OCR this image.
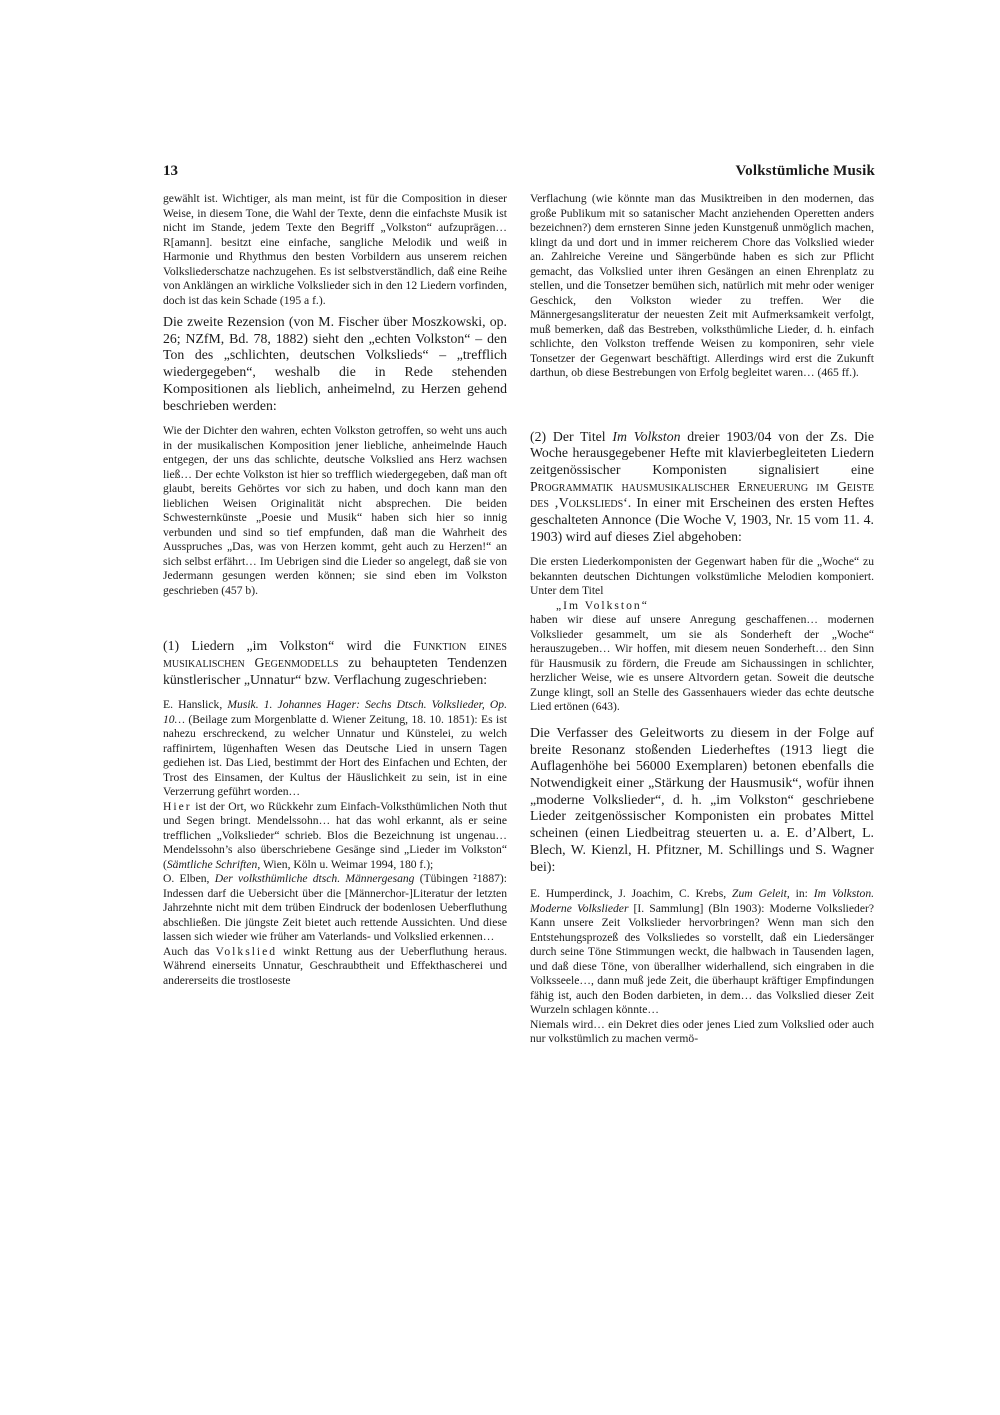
13	Volkstümliche Musik

gewählt ist. Wichtiger, als man meint, ist für die Composition in dieser Weise, in diesem Tone, die Wahl der Texte, denn die einfachste Musik ist nicht im Stande, jedem Texte den Begriff „Volkston“ aufzuprägen… R[amann]. besitzt eine einfache, sangliche Melodik und weiß in Harmonie und Rhythmus den besten Vorbildern aus unserem reichen Volksliederschatze nachzugehen. Es ist selbstverständlich, daß eine Reihe von Anklängen an wirkliche Volkslieder sich in den 12 Liedern vorfinden, doch ist das kein Schade (195 a f.).

Die zweite Rezension (von M. Fischer über Moszkowski, op. 26; NZfM, Bd. 78, 1882) sieht den „echten Volkston“ – den Ton des „schlichten, deutschen Volkslieds“ – „trefflich wiedergegeben“, weshalb die in Rede stehenden Kompositionen als lieblich, anheimelnd, zu Herzen gehend beschrieben werden:

Wie der Dichter den wahren, echten Volkston getroffen, so weht uns auch in der musikalischen Komposition jener liebliche, anheimelnde Hauch entgegen, der uns das schlichte, deutsche Volkslied ans Herz wachsen ließ… Der echte Volkston ist hier so trefflich wiedergegeben, daß man oft glaubt, bereits Gehörtes vor sich zu haben, und doch kann man den lieblichen Weisen Originalität nicht absprechen. Die beiden Schwesternkünste „Poesie und Musik“ haben sich hier so innig verbunden und sind so tief empfunden, daß man die Wahrheit des Ausspruches „Das, was von Herzen kommt, geht auch zu Herzen!“ an sich selbst erfährt… Im Uebrigen sind die Lieder so angelegt, daß sie von Jedermann gesungen werden können; sie sind eben im Volkston geschrieben (457 b).

(1) Liedern „im Volkston“ wird die Funktion eines musikalischen Gegenmodells zu behaupteten Tendenzen künstlerischer „Unnatur“ bzw. Verflachung zugeschrieben:

E. Hanslick, Musik. 1. Johannes Hager: Sechs Dtsch. Volkslieder, Op. 10… (Beilage zum Morgenblatte d. Wiener Zeitung, 18. 10. 1851): Es ist nahezu erschreckend, zu welcher Unnatur und Künstelei, zu welch raffinirtem, lügenhaften Wesen das Deutsche Lied in unsern Tagen gediehen ist. Das Lied, bestimmt der Hort des Einfachen und Echten, der Trost des Einsamen, der Kultus der Häuslichkeit zu sein, ist in eine Verzerrung geführt worden…

Hier ist der Ort, wo Rückkehr zum Einfach-Volksthümlichen Noth thut und Segen bringt. Mendelssohn… hat das wohl erkannt, als er seine trefflichen „Volkslieder“ schrieb. Blos die Bezeichnung ist ungenau… Mendelssohn’s also überschriebene Gesänge sind „Lieder im Volkston“ (Sämtliche Schriften, Wien, Köln u. Weimar 1994, 180 f.);

O. Elben, Der volksthümliche dtsch. Männergesang (Tübingen ²1887): Indessen darf die Uebersicht über die [Männerchor-]Literatur der letzten Jahrzehnte nicht mit dem trüben Eindruck der bodenlosen Ueberfluthung abschließen. Die jüngste Zeit bietet auch rettende Aussichten. Und diese lassen sich wieder wie früher am Vaterlands- und Volkslied erkennen…

Auch das Volkslied winkt Rettung aus der Ueberfluthung heraus. Während einerseits Unnatur, Geschraubtheit und Effekthascherei und andererseits die trostloseste

Verflachung (wie könnte man das Musiktreiben in den modernen, das große Publikum mit so satanischer Macht anziehenden Operetten anders bezeichnen?) dem ernsteren Sinne jeden Kunstgenuß unmöglich machen, klingt da und dort und in immer reicherem Chore das Volkslied wieder an. Zahlreiche Vereine und Sängerbünde haben es sich zur Pflicht gemacht, das Volkslied unter ihren Gesängen an einen Ehrenplatz zu stellen, und die Tonsetzer bemühen sich, natürlich mit mehr oder weniger Geschick, den Volkston wieder zu treffen. Wer die Männergesangsliteratur der neuesten Zeit mit Aufmerksamkeit verfolgt, muß bemerken, daß das Bestreben, volksthümliche Lieder, d. h. einfach schlichte, den Volkston treffende Weisen zu komponiren, sehr viele Tonsetzer der Gegenwart beschäftigt. Allerdings wird erst die Zukunft darthun, ob diese Bestrebungen von Erfolg begleitet waren… (465 ff.).

(2) Der Titel Im Volkston dreier 1903/04 von der Zs. Die Woche herausgegebener Hefte mit klavierbegleiteten Liedern zeitgenössischer Komponisten signalisiert eine Programmatik hausmusikalischer Erneuerung im Geiste des ‚Volkslieds‘. In einer mit Erscheinen des ersten Heftes geschalteten Annonce (Die Woche V, 1903, Nr. 15 vom 11. 4. 1903) wird auf dieses Ziel abgehoben:

Die ersten Liederkomponisten der Gegenwart haben für die „Woche“ zu bekannten deutschen Dichtungen volkstümliche Melodien komponiert. Unter dem Titel

„Im Volkston“

haben wir diese auf unsere Anregung geschaffenen… modernen Volkslieder gesammelt, um sie als Sonderheft der „Woche“ herauszugeben… Wir hoffen, mit diesem neuen Sonderheft… den Sinn für Hausmusik zu fördern, die Freude am Sichaussingen in schlichter, herzlicher Weise, wie es unsere Altvordern getan. Soweit die deutsche Zunge klingt, soll an Stelle des Gassenhauers wieder das echte deutsche Lied ertönen (643).

Die Verfasser des Geleitworts zu diesem in der Folge auf breite Resonanz stoßenden Liederheftes (1913 liegt die Auflagenhöhe bei 56000 Exemplaren) betonen ebenfalls die Notwendigkeit einer „Stärkung der Hausmusik“, wofür ihnen „moderne Volkslieder“, d. h. „im Volkston“ geschriebene Lieder zeitgenössischer Komponisten ein probates Mittel scheinen (einen Liedbeitrag steuerten u. a. E. d’Albert, L. Blech, W. Kienzl, H. Pfitzner, M. Schillings und S. Wagner bei):

E. Humperdinck, J. Joachim, C. Krebs, Zum Geleit, in: Im Volkston. Moderne Volkslieder [I. Sammlung] (Bln 1903): Moderne Volkslieder? Kann unsere Zeit Volkslieder hervorbringen? Wenn man sich den Entstehungsprozeß des Volksliedes so vorstellt, daß ein Liedersänger durch seine Töne Stimmungen weckt, die halbwach in Tausenden lagen, und daß diese Töne, von überallher widerhallend, sich eingraben in die Volksseele…, dann muß jede Zeit, die überhaupt kräftiger Empfindungen fähig ist, auch den Boden darbieten, in dem… das Volkslied dieser Zeit Wurzeln schlagen könnte…

Niemals wird… ein Dekret dies oder jenes Lied zum Volkslied oder auch nur volkstümlich zu machen vermö-
